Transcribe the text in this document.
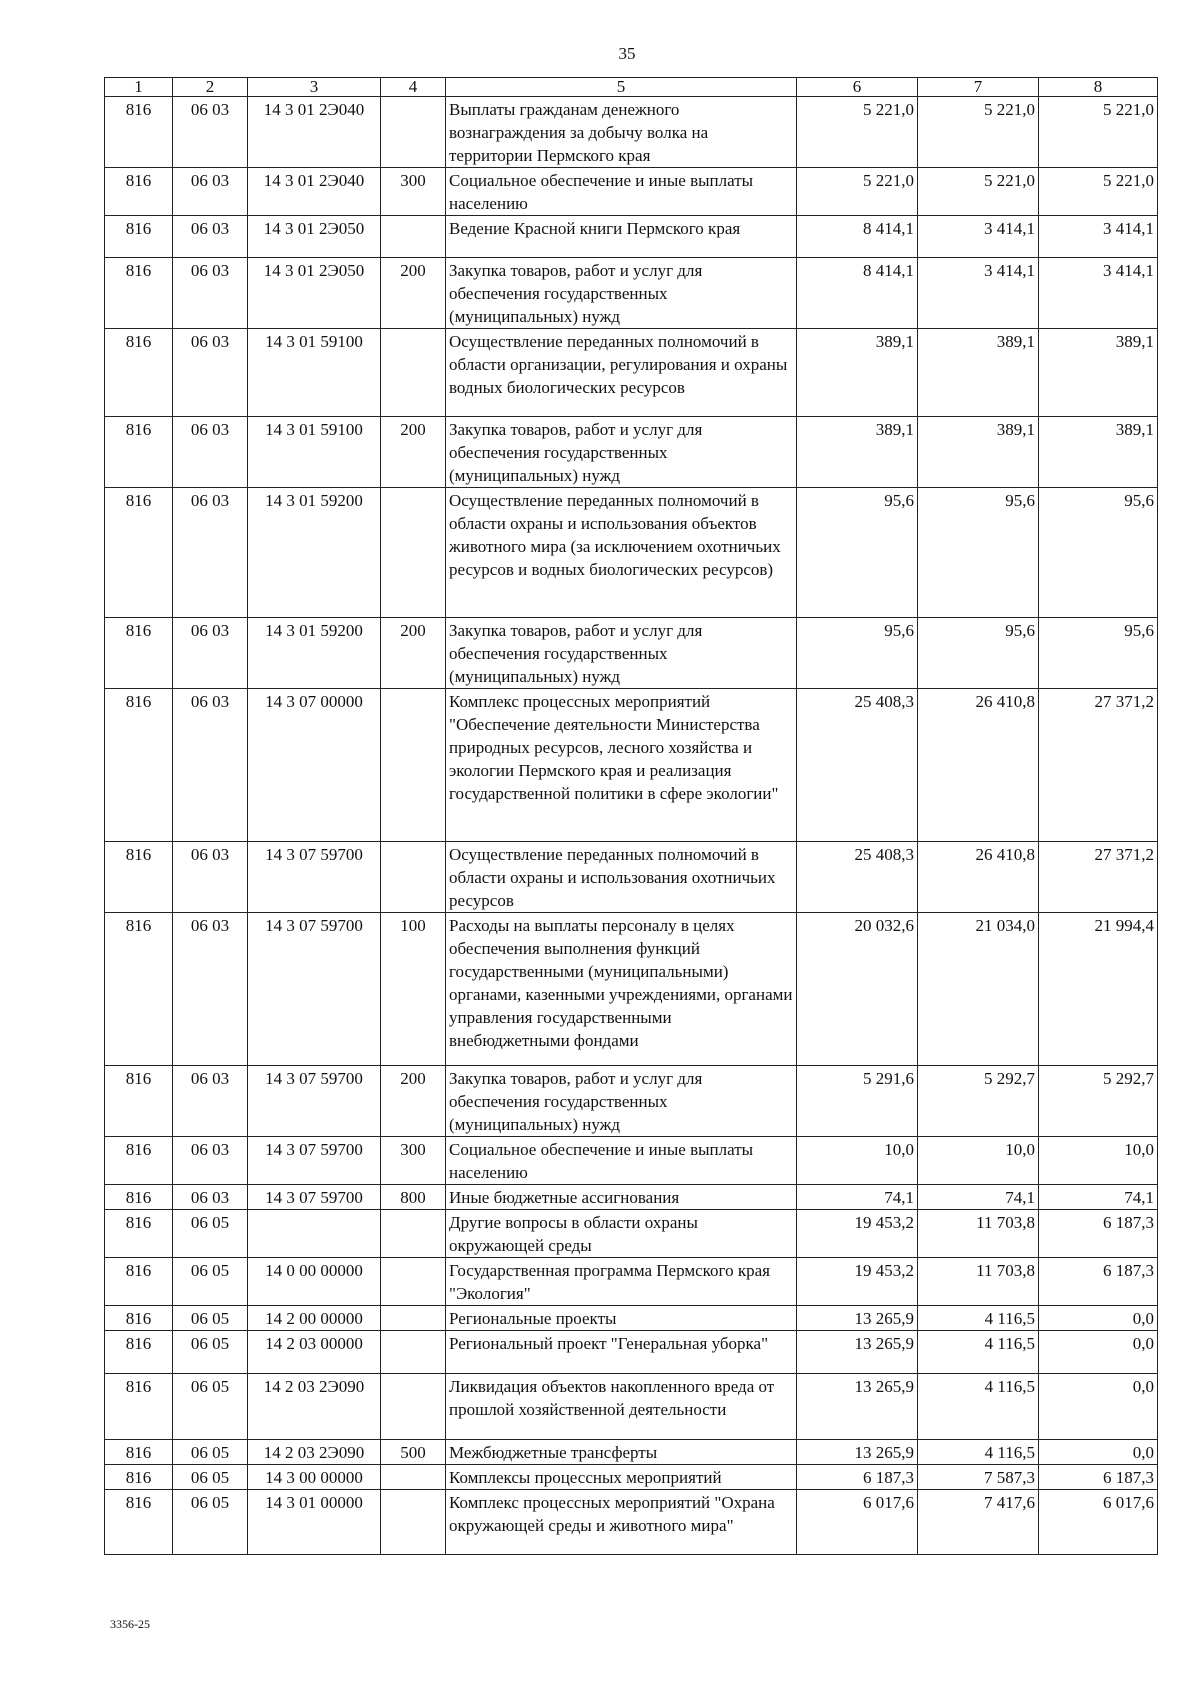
35
1	2	3	4	5	6	7	8
816	06 03	14 3 01 2Э040		Выплаты гражданам денежного вознаграждения за добычу волка на территории Пермского края	5 221,0	5 221,0	5 221,0
816	06 03	14 3 01 2Э040	300	Социальное обеспечение и иные выплаты населению	5 221,0	5 221,0	5 221,0
816	06 03	14 3 01 2Э050		Ведение Красной книги Пермского края	8 414,1	3 414,1	3 414,1
816	06 03	14 3 01 2Э050	200	Закупка товаров, работ и услуг для обеспечения государственных (муниципальных) нужд	8 414,1	3 414,1	3 414,1
816	06 03	14 3 01 59100		Осуществление переданных полномочий в области организации, регулирования и охраны водных биологических ресурсов	389,1	389,1	389,1
816	06 03	14 3 01 59100	200	Закупка товаров, работ и услуг для обеспечения государственных (муниципальных) нужд	389,1	389,1	389,1
816	06 03	14 3 01 59200		Осуществление переданных полномочий в области охраны и использования объектов животного мира (за исключением охотничьих ресурсов и водных биологических ресурсов)	95,6	95,6	95,6
816	06 03	14 3 01 59200	200	Закупка товаров, работ и услуг для обеспечения государственных (муниципальных) нужд	95,6	95,6	95,6
816	06 03	14 3 07 00000		Комплекс процессных мероприятий "Обеспечение деятельности Министерства природных ресурсов, лесного хозяйства и экологии Пермского края и реализация государственной политики в сфере экологии"	25 408,3	26 410,8	27 371,2
816	06 03	14 3 07 59700		Осуществление переданных полномочий в области охраны и использования охотничьих ресурсов	25 408,3	26 410,8	27 371,2
816	06 03	14 3 07 59700	100	Расходы на выплаты персоналу в целях обеспечения выполнения функций государственными (муниципальными) органами, казенными учреждениями, органами управления государственными внебюджетными фондами	20 032,6	21 034,0	21 994,4
816	06 03	14 3 07 59700	200	Закупка товаров, работ и услуг для обеспечения государственных (муниципальных) нужд	5 291,6	5 292,7	5 292,7
816	06 03	14 3 07 59700	300	Социальное обеспечение и иные выплаты населению	10,0	10,0	10,0
816	06 03	14 3 07 59700	800	Иные бюджетные ассигнования	74,1	74,1	74,1
816	06 05			Другие вопросы в области охраны окружающей среды	19 453,2	11 703,8	6 187,3
816	06 05	14 0 00 00000		Государственная программа Пермского края "Экология"	19 453,2	11 703,8	6 187,3
816	06 05	14 2 00 00000		Региональные проекты	13 265,9	4 116,5	0,0
816	06 05	14 2 03 00000		Региональный проект "Генеральная уборка"	13 265,9	4 116,5	0,0
816	06 05	14 2 03 2Э090		Ликвидация объектов накопленного вреда от прошлой хозяйственной деятельности	13 265,9	4 116,5	0,0
816	06 05	14 2 03 2Э090	500	Межбюджетные трансферты	13 265,9	4 116,5	0,0
816	06 05	14 3 00 00000		Комплексы процессных мероприятий	6 187,3	7 587,3	6 187,3
816	06 05	14 3 01 00000		Комплекс процессных мероприятий "Охрана окружающей среды и животного мира"	6 017,6	7 417,6	6 017,6
3356-25
